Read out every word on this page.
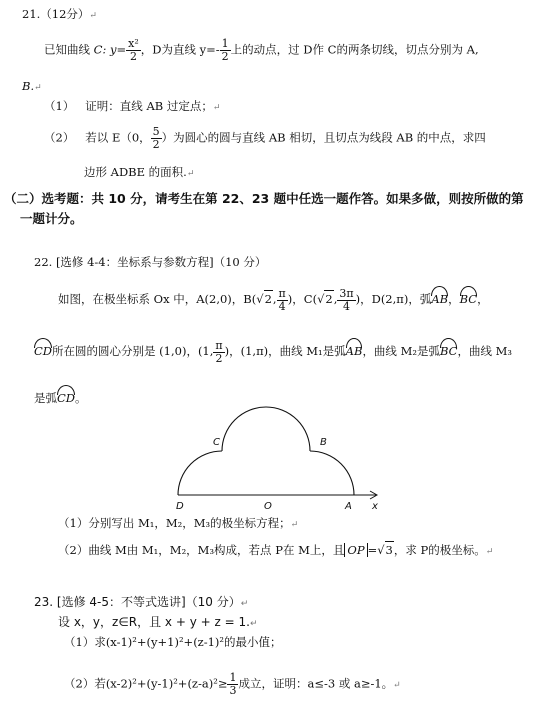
21.（12分）↵
已知曲线 C: $y= \frac{\text{x²}}{2}$ ，D为直线 $y=- \frac{1}{2}$ 上的动点，过 D作 C的两条切线，切点分别为 A,
B.↵
（1） 证明：直线 AB 过定点；↵
（2） 若以 E（0， $\frac{5}{2}$ ）为圆心的圆与直线 AB 相切，且切点为线段 AB 的中点，求四
边形 ADBE 的面积.↵
（二）选考题：共 10 分，请考生在第 22、23 题中任选一题作答。如果多做，则按所做的第
一题计分。
22. [选修 4-4：坐标系与参数方程]（10 分）
如图，在极坐标系 Ox 中，A(2,0)，B(√2, $\frac{\pi}{4}$ )，C(√2, $\frac{3\pi}{4}$ )，D(2,π)，弧AB，BC，
CD所在圆的圆心分别是 (1,0)，(1, $\frac{\pi}{2}$ )，(1,π)，曲线 M₁是弧AB，曲线 M₂是弧BC，曲线 M₃
是弧CD。
C	B
D	O	A x
（1）分别写出 M₁，M₂，M₃的极坐标方程；↵
（2）曲线 M由 M₁，M₂，M₃构成，若点 P在 M上，且 OP =√3，求 P的极坐标。↵
23. [选修 4-5：不等式选讲]（10 分）↵
设 x，y，z∈R，且 x + y + z = 1.↵
（1）求(x-1)²+(y+1)²+(z-1)²的最小值；
（2）若$(x-2)^2+(y-1)^2+(z-a)^2\ge \frac{1}{3}$ 成立，证明：a≤-3 或 a≥-1。↵
